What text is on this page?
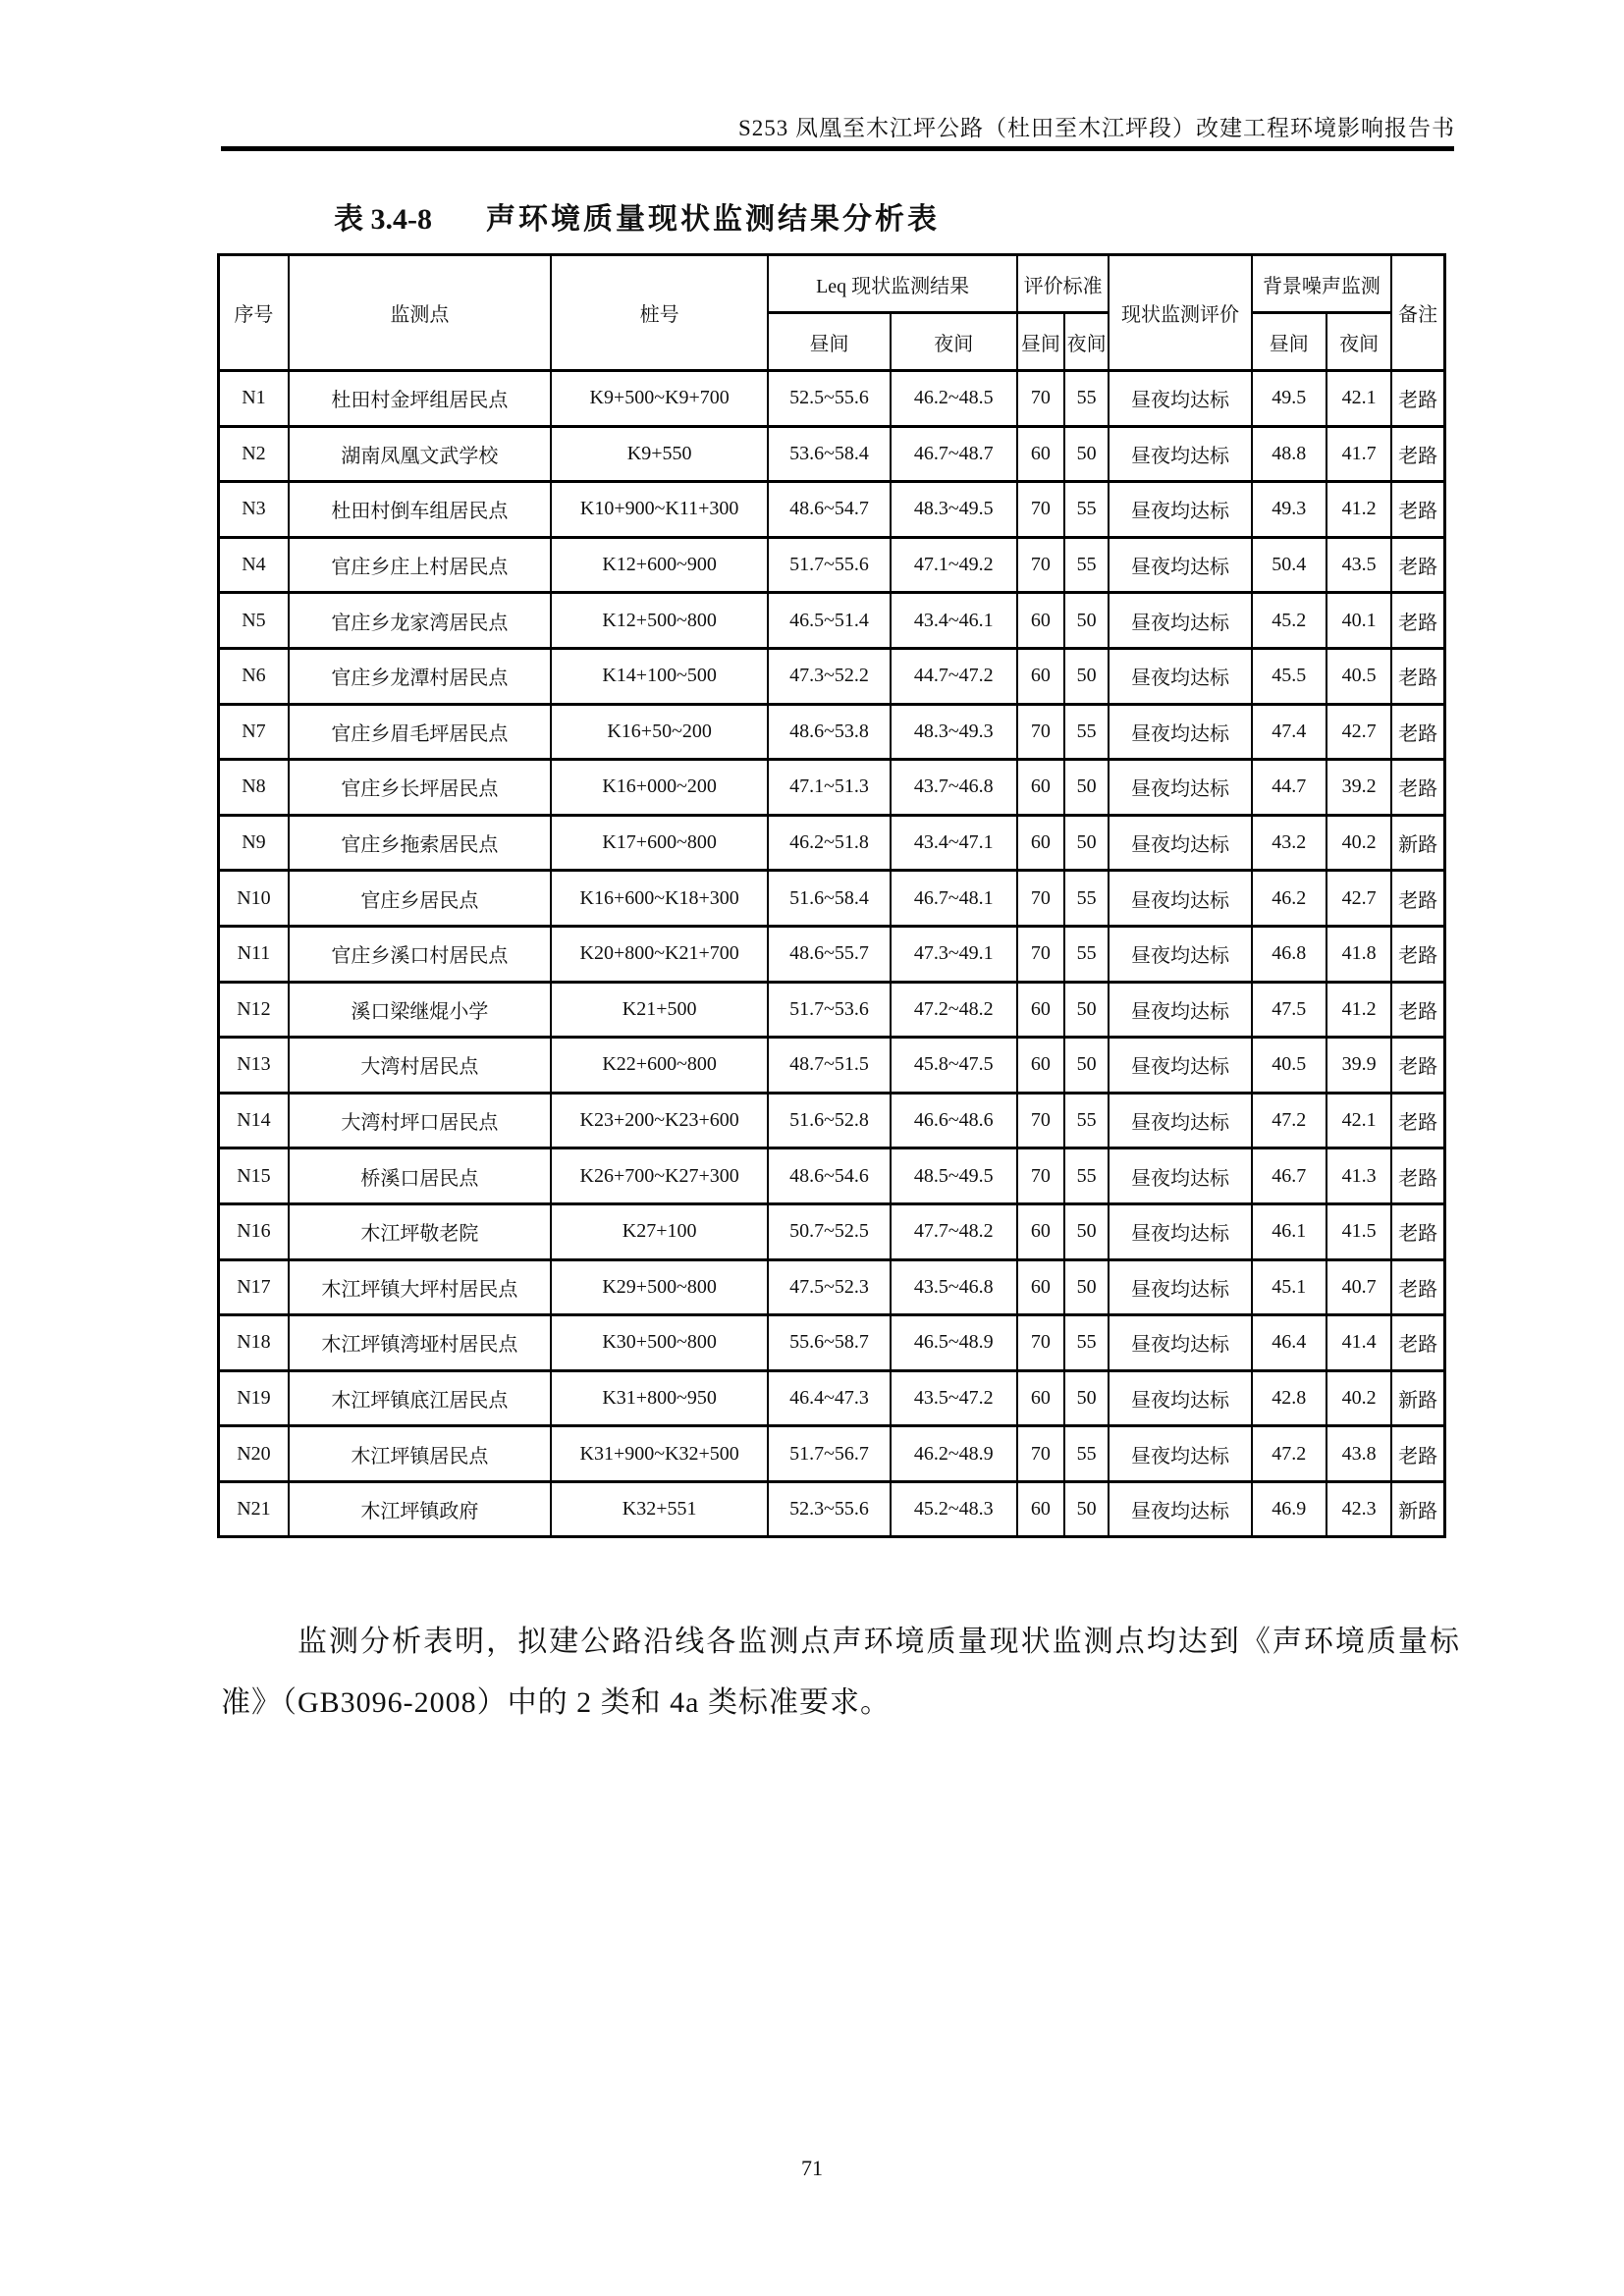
S253 凤凰至木江坪公路（杜田至木江坪段）改建工程环境影响报告书
表 3.4-8 声环境质量现状监测结果分析表
序号	监测点	桩号	Leq 现状监测结果		评价标准		现状监测评价	背景噪声监测		备注
			昼间	夜间	昼间	夜间		昼间	夜间	
N1	杜田村金坪组居民点	K9+500~K9+700	52.5~55.6	46.2~48.5	70	55	昼夜均达标	49.5	42.1	老路
N2	湖南凤凰文武学校	K9+550	53.6~58.4	46.7~48.7	60	50	昼夜均达标	48.8	41.7	老路
N3	杜田村倒车组居民点	K10+900~K11+300	48.6~54.7	48.3~49.5	70	55	昼夜均达标	49.3	41.2	老路
N4	官庄乡庄上村居民点	K12+600~900	51.7~55.6	47.1~49.2	70	55	昼夜均达标	50.4	43.5	老路
N5	官庄乡龙家湾居民点	K12+500~800	46.5~51.4	43.4~46.1	60	50	昼夜均达标	45.2	40.1	老路
N6	官庄乡龙潭村居民点	K14+100~500	47.3~52.2	44.7~47.2	60	50	昼夜均达标	45.5	40.5	老路
N7	官庄乡眉毛坪居民点	K16+50~200	48.6~53.8	48.3~49.3	70	55	昼夜均达标	47.4	42.7	老路
N8	官庄乡长坪居民点	K16+000~200	47.1~51.3	43.7~46.8	60	50	昼夜均达标	44.7	39.2	老路
N9	官庄乡拖索居民点	K17+600~800	46.2~51.8	43.4~47.1	60	50	昼夜均达标	43.2	40.2	新路
N10	官庄乡居民点	K16+600~K18+300	51.6~58.4	46.7~48.1	70	55	昼夜均达标	46.2	42.7	老路
N11	官庄乡溪口村居民点	K20+800~K21+700	48.6~55.7	47.3~49.1	70	55	昼夜均达标	46.8	41.8	老路
N12	溪口梁继焜小学	K21+500	51.7~53.6	47.2~48.2	60	50	昼夜均达标	47.5	41.2	老路
N13	大湾村居民点	K22+600~800	48.7~51.5	45.8~47.5	60	50	昼夜均达标	40.5	39.9	老路
N14	大湾村坪口居民点	K23+200~K23+600	51.6~52.8	46.6~48.6	70	55	昼夜均达标	47.2	42.1	老路
N15	桥溪口居民点	K26+700~K27+300	48.6~54.6	48.5~49.5	70	55	昼夜均达标	46.7	41.3	老路
N16	木江坪敬老院	K27+100	50.7~52.5	47.7~48.2	60	50	昼夜均达标	46.1	41.5	老路
N17	木江坪镇大坪村居民点	K29+500~800	47.5~52.3	43.5~46.8	60	50	昼夜均达标	45.1	40.7	老路
N18	木江坪镇湾垭村居民点	K30+500~800	55.6~58.7	46.5~48.9	70	55	昼夜均达标	46.4	41.4	老路
N19	木江坪镇底江居民点	K31+800~950	46.4~47.3	43.5~47.2	60	50	昼夜均达标	42.8	40.2	新路
N20	木江坪镇居民点	K31+900~K32+500	51.7~56.7	46.2~48.9	70	55	昼夜均达标	47.2	43.8	老路
N21	木江坪镇政府	K32+551	52.3~55.6	45.2~48.3	60	50	昼夜均达标	46.9	42.3	新路

监测分析表明，拟建公路沿线各监测点声环境质量现状监测点均达到《声环境质量标准》（GB3096-2008）中的 2 类和 4a 类标准要求。

71
